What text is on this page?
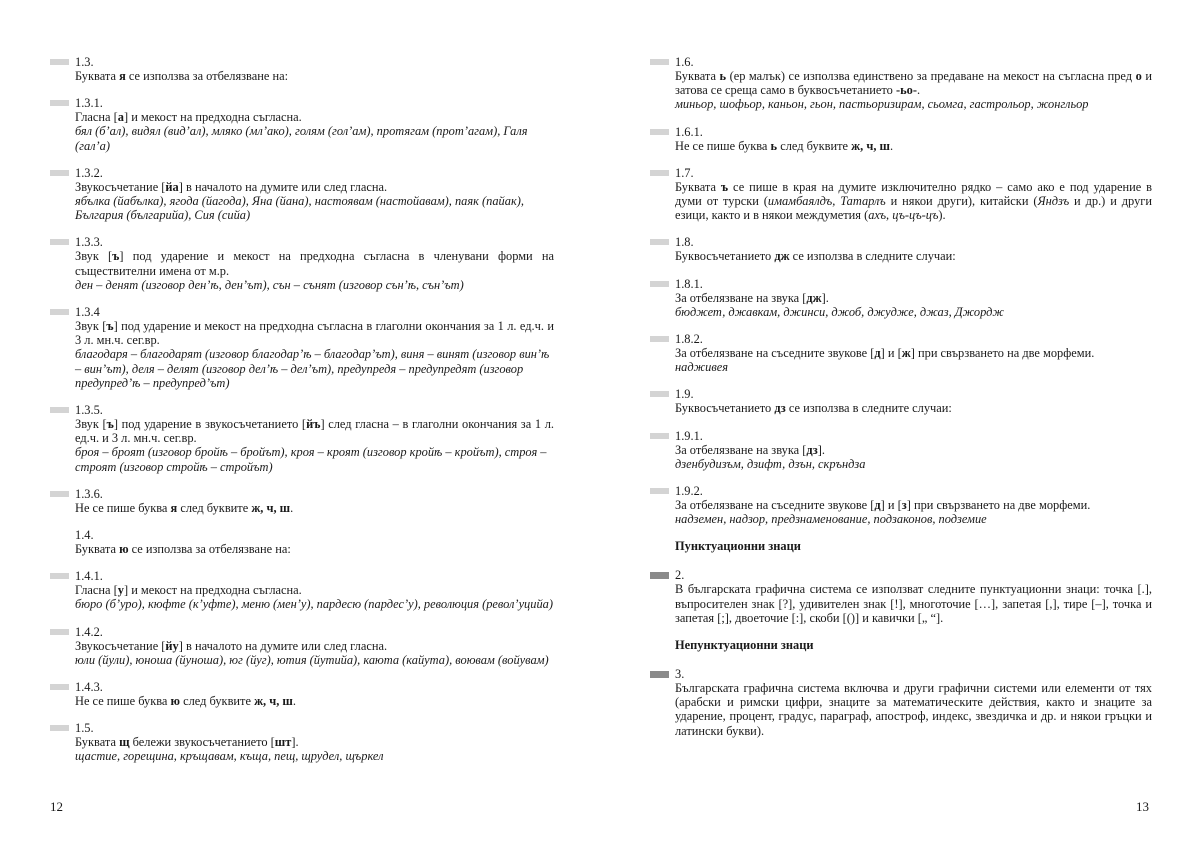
1.3.
Буквата я се използва за отбелязване на:
1.3.1.
Гласна [а] и мекост на предходна съгласна.
бял (б’ал), видял (вид’ал), мляко (мл’ако), голям (гол’ам), протягам (прот’агам), Галя (гал’а)
1.3.2.
Звукосъчетание [йа] в началото на думите или след гласна.
ябълка (йабълка), ягода (йагода), Яна (йана), настоявам (настойавам), паяк (пайак), България (българийа), Сия (сийа)
1.3.3.
Звук [ъ] под ударение и мекост на предходна съгласна в членувани форми на съществителни имена от м.р.
ден – денят (изговор ден’ѣ, ден’ът), сън – сънят (изговор сън’ѣ, сън’ът)
1.3.4
Звук [ъ] под ударение и мекост на предходна съгласна в глаголни окончания за 1 л. ед.ч. и 3 л. мн.ч. сег.вр.
благодаря – благодарят (изговор благодар’ѣ – благодар’ът), виня – винят (изговор вин’ѣ – вин’ът), деля – делят (изговор дел’ѣ – дел’ът), предупредя – предупредят (изговор предупред’ѣ – предупред’ът)
1.3.5.
Звук [ъ] под ударение в звукосъчетанието [йъ] след гласна – в глаголни окончания за 1 л. ед.ч. и 3 л. мн.ч. сег.вр.
броя – броят (изговор бройѣ – бройът), кроя – кроят (изговор кройѣ – кройът), строя – строят (изговор стройѣ – стройът)
1.3.6.
Не се пише буква я след буквите ж, ч, ш.
1.4.
Буквата ю се използва за отбелязване на:
1.4.1.
Гласна [у] и мекост на предходна съгласна.
бюро (б’уро), кюфте (к’уфте), меню (мен’у), пардесю (пардес’у), революция (револ’уцийа)
1.4.2.
Звукосъчетание [йу] в началото на думите или след гласна.
юли (йули), юноша (йуноша), юг (йуг), ютия (йутийа), каюта (кайута), воювам (войувам)
1.4.3.
Не се пише буква ю след буквите ж, ч, ш.
1.5.
Буквата щ бележи звукосъчетанието [шт].
щастие, горещина, кръщавам, къща, пещ, щрудел, щъркел
1.6.
Буквата ь (ер малък) се използва единствено за предаване на мекост на съгласна пред о и затова се среща само в буквосъчетанието -ьо-.
миньор, шофьор, каньон, гьон, пастьоризирам, сьомга, гастрольор, жонгльор
1.6.1.
Не се пише буква ь след буквите ж, ч, ш.
1.7.
Буквата ъ се пише в края на думите изключително рядко – само ако е под ударение в думи от турски (имамбаялдъ, Татарлъ и някои други), китайски (Яндзъ и др.) и други езици, както и в някои междуметия (ахъ, цъ-цъ-цъ).
1.8.
Буквосъчетанието дж се използва в следните случаи:
1.8.1.
За отбелязване на звука [дж].
бюджет, джавкам, джинси, джоб, джудже, джаз, Джордж
1.8.2.
За отбелязване на съседните звукове [д] и [ж] при свързването на две морфеми.
надживея
1.9.
Буквосъчетанието дз се използва в следните случаи:
1.9.1.
За отбелязване на звука [дз].
дзенбудизъм, дзифт, дзън, скръндза
1.9.2.
За отбелязване на съседните звукове [д] и [з] при свързването на две морфеми.
надземен, надзор, предзнаменование, подзаконов, подземие
Пунктуационни знаци
2.
В българската графична система се използват следните пунктуационни знаци: точка [.], въпросителен знак [?], удивителен знак [!], многоточие […], запетая [,], тире [–], точка и запетая [;], двоеточие [:], скоби [()] и кавички [„ “].
Непунктуационни знаци
3.
Българската графична система включва и други графични системи или елементи от тях (арабски и римски цифри, знаците за математическите действия, както и знаците за ударение, процент, градус, параграф, апостроф, индекс, звездичка и др. и някои гръцки и латински букви).
12	13
